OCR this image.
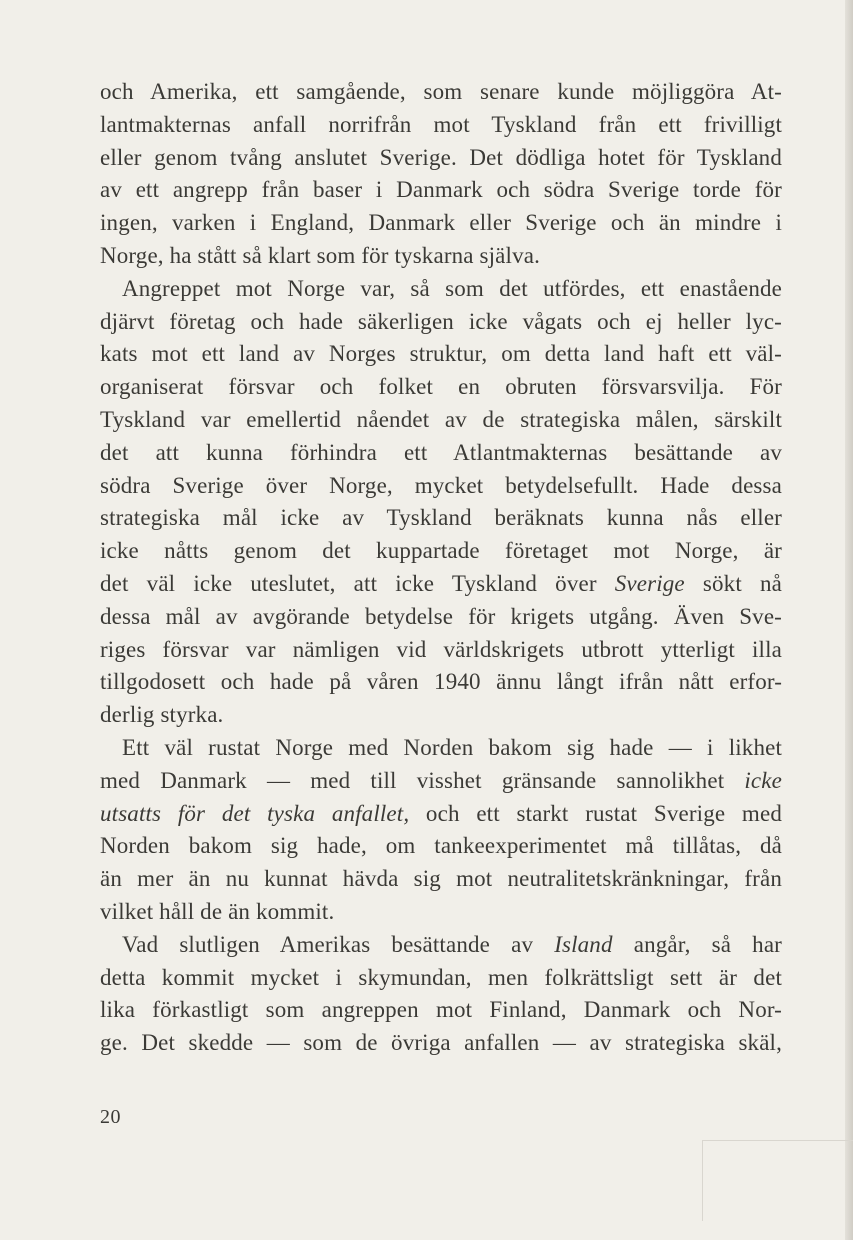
och Amerika, ett samgående, som senare kunde möjliggöra At-
lantmakternas anfall norrifrån mot Tyskland från ett frivilligt
eller genom tvång anslutet Sverige. Det dödliga hotet för Tyskland
av ett angrepp från baser i Danmark och södra Sverige torde för
ingen, varken i England, Danmark eller Sverige och än mindre i
Norge, ha stått så klart som för tyskarna själva.
Angreppet mot Norge var, så som det utfördes, ett enastående
djärvt företag och hade säkerligen icke vågats och ej heller lyc-
kats mot ett land av Norges struktur, om detta land haft ett väl-
organiserat försvar och folket en obruten försvarsvilja. För
Tyskland var emellertid nåendet av de strategiska målen, särskilt
det att kunna förhindra ett Atlantmakternas besättande av
södra Sverige över Norge, mycket betydelsefullt. Hade dessa
strategiska mål icke av Tyskland beräknats kunna nås eller
icke nåtts genom det kuppartade företaget mot Norge, är
det väl icke uteslutet, att icke Tyskland över Sverige sökt nå
dessa mål av avgörande betydelse för krigets utgång. Även Sve-
riges försvar var nämligen vid världskrigets utbrott ytterligt illa
tillgodosett och hade på våren 1940 ännu långt ifrån nått erfor-
derlig styrka.
Ett väl rustat Norge med Norden bakom sig hade — i likhet
med Danmark — med till visshet gränsande sannolikhet icke
utsatts för det tyska anfallet, och ett starkt rustat Sverige med
Norden bakom sig hade, om tankeexperimentet må tillåtas, då
än mer än nu kunnat hävda sig mot neutralitetskränkningar, från
vilket håll de än kommit.
Vad slutligen Amerikas besättande av Island angår, så har
detta kommit mycket i skymundan, men folkrättsligt sett är det
lika förkastligt som angreppen mot Finland, Danmark och Nor-
ge. Det skedde — som de övriga anfallen — av strategiska skäl,
20
